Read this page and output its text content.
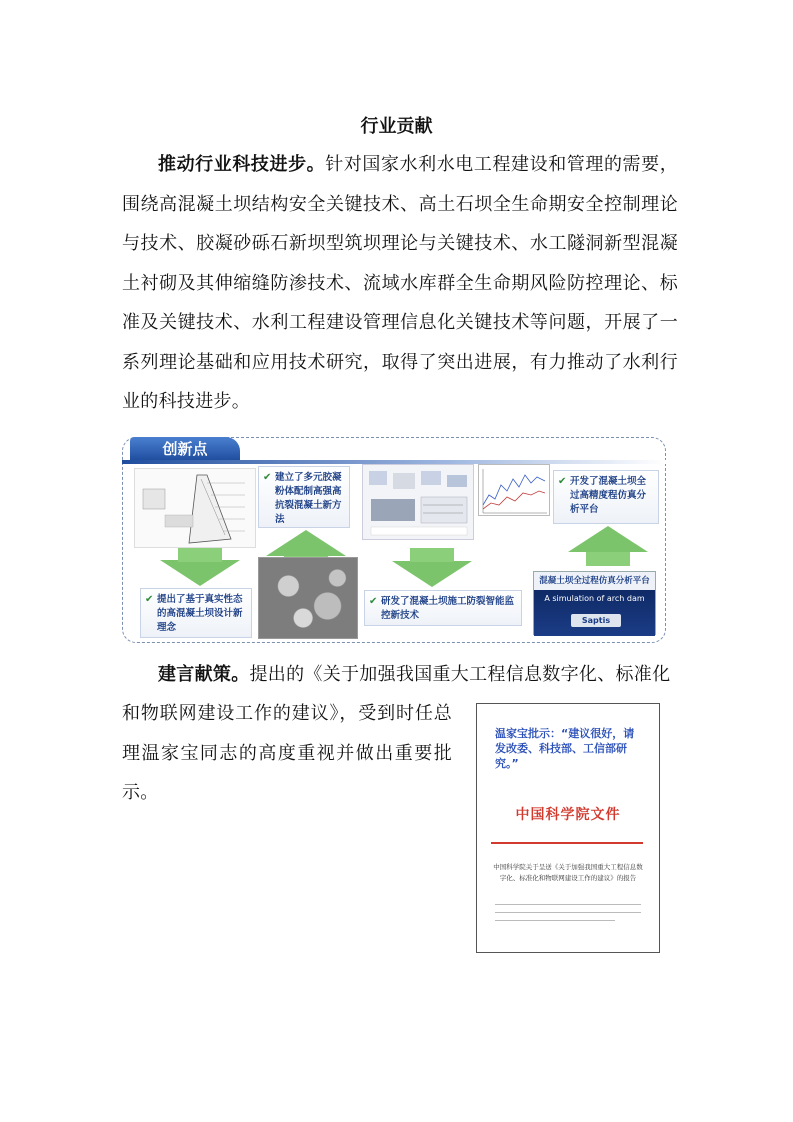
行业贡献
推动行业科技进步。针对国家水利水电工程建设和管理的需要，围绕高混凝土坝结构安全关键技术、高土石坝全生命期安全控制理论与技术、胶凝砂砾石新坝型筑坝理论与关键技术、水工隧洞新型混凝土衬砌及其伸缩缝防渗技术、流域水库群全生命期风险防控理论、标准及关键技术、水利工程建设管理信息化关键技术等问题，开展了一系列理论基础和应用技术研究，取得了突出进展，有力推动了水利行业的科技进步。
创新点
✔ 建立了多元胶凝粉体配制高强高抗裂混凝土新方法
✔ 开发了混凝土坝全过高精度程仿真分析平台
✔ 提出了基于真实性态的高混凝土坝设计新理念
✔ 研发了混凝土坝施工防裂智能监控新技术
混凝土坝全过程仿真分析平台
A simulation of arch dam
Saptis
建言献策。提出的《关于加强我国重大工程信息数字化、标准化
和物联网建设工作的建议》，受到时任总理温家宝同志的高度重视并做出重要批示。
温家宝批示：“建议很好，请发改委、科技部、工信部研究。”
中国科学院文件
中国科学院关于呈送《关于加强我国重大工程信息数字化、标准化和物联网建设工作的建议》的报告
